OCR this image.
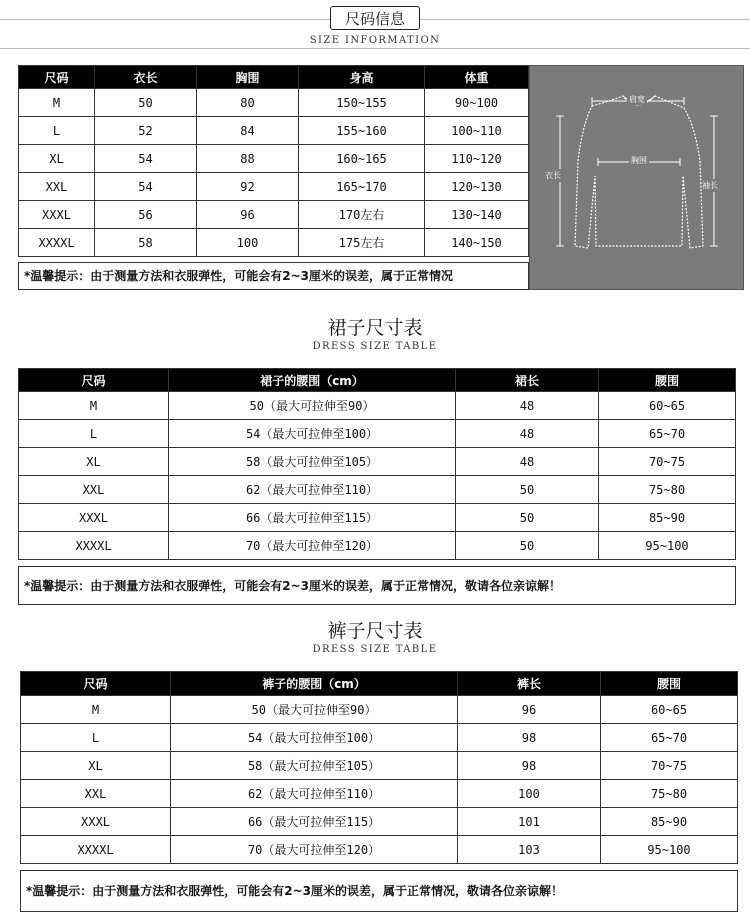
尺码信息
SIZE INFORMATION
尺码	衣长	胸围	身高	体重
M	50	80	150~155	90~100
L	52	84	155~160	100~110
XL	54	88	160~165	110~120
XXL	54	92	165~170	120~130
XXXL	56	96	170左右	130~140
XXXXL	58	100	175左右	140~150
*温馨提示：由于测量方法和衣服弹性，可能会有2~3厘米的误差，属于正常情况
肩宽
胸围
衣长
袖长
裙子尺寸表
DRESS SIZE TABLE
尺码	裙子的腰围（cm）	裙长	腰围
M	50（最大可拉伸至90）	48	60~65
L	54（最大可拉伸至100）	48	65~70
XL	58（最大可拉伸至105）	48	70~75
XXL	62（最大可拉伸至110）	50	75~80
XXXL	66（最大可拉伸至115）	50	85~90
XXXXL	70（最大可拉伸至120）	50	95~100
*温馨提示：由于测量方法和衣服弹性，可能会有2~3厘米的误差，属于正常情况，敬请各位亲谅解！
裤子尺寸表
DRESS SIZE TABLE
尺码	裤子的腰围（cm）	裤长	腰围
M	50（最大可拉伸至90）	96	60~65
L	54（最大可拉伸至100）	98	65~70
XL	58（最大可拉伸至105）	98	70~75
XXL	62（最大可拉伸至110）	100	75~80
XXXL	66（最大可拉伸至115）	101	85~90
XXXXL	70（最大可拉伸至120）	103	95~100
*温馨提示：由于测量方法和衣服弹性，可能会有2~3厘米的误差，属于正常情况，敬请各位亲谅解！
